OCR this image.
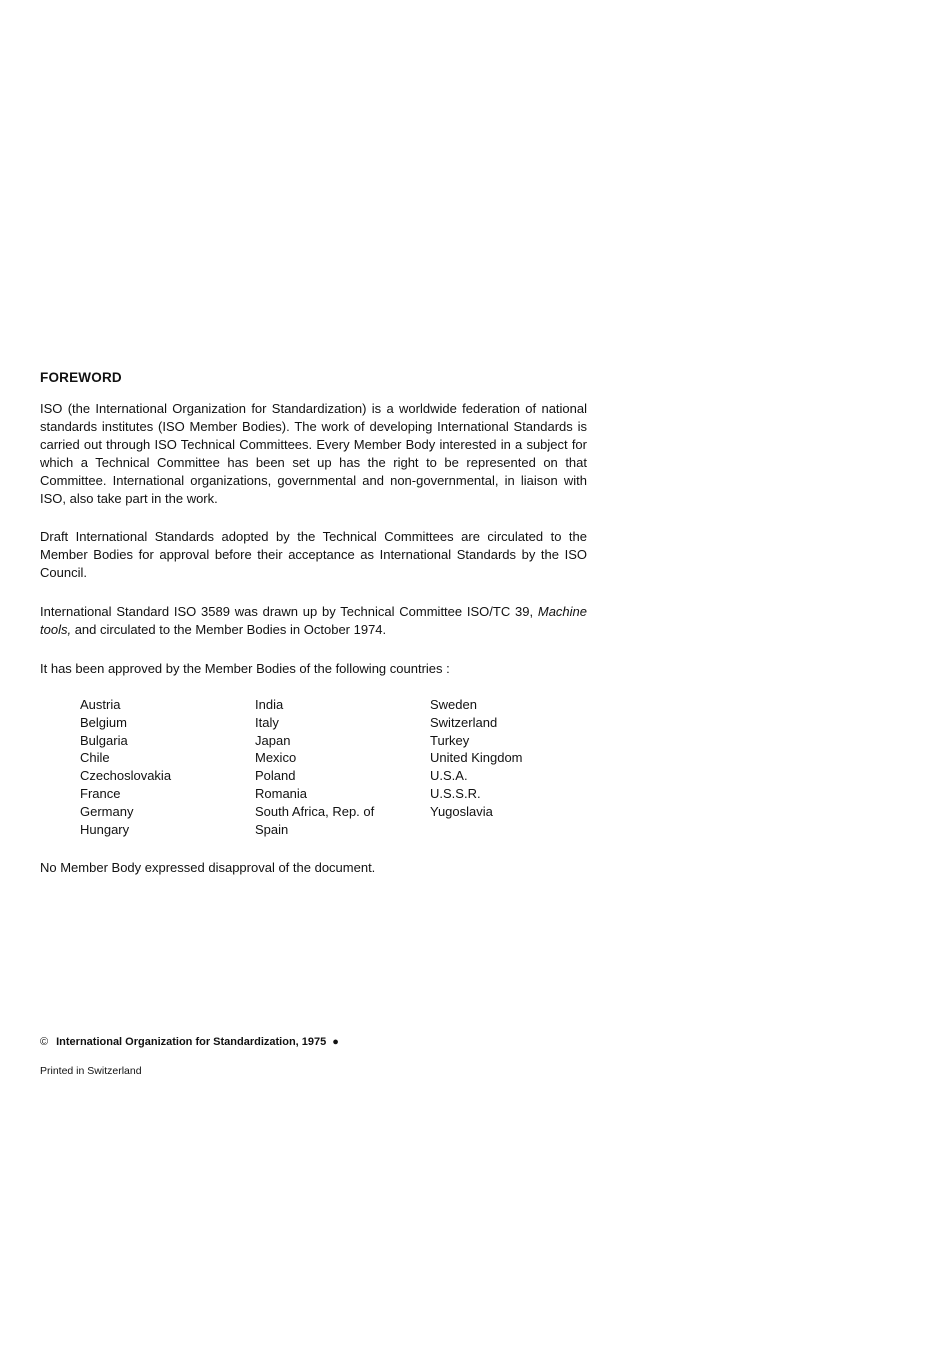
FOREWORD
ISO (the International Organization for Standardization) is a worldwide federation of national standards institutes (ISO Member Bodies). The work of developing International Standards is carried out through ISO Technical Committees. Every Member Body interested in a subject for which a Technical Committee has been set up has the right to be represented on that Committee. International organizations, governmental and non-governmental, in liaison with ISO, also take part in the work.
Draft International Standards adopted by the Technical Committees are circulated to the Member Bodies for approval before their acceptance as International Standards by the ISO Council.
International Standard ISO 3589 was drawn up by Technical Committee ISO/TC 39, Machine tools, and circulated to the Member Bodies in October 1974.
It has been approved by the Member Bodies of the following countries :
Austria
Belgium
Bulgaria
Chile
Czechoslovakia
France
Germany
Hungary
India
Italy
Japan
Mexico
Poland
Romania
South Africa, Rep. of
Spain
Sweden
Switzerland
Turkey
United Kingdom
U.S.A.
U.S.S.R.
Yugoslavia
No Member Body expressed disapproval of the document.
© International Organization for Standardization, 1975 ●
Printed in Switzerland
